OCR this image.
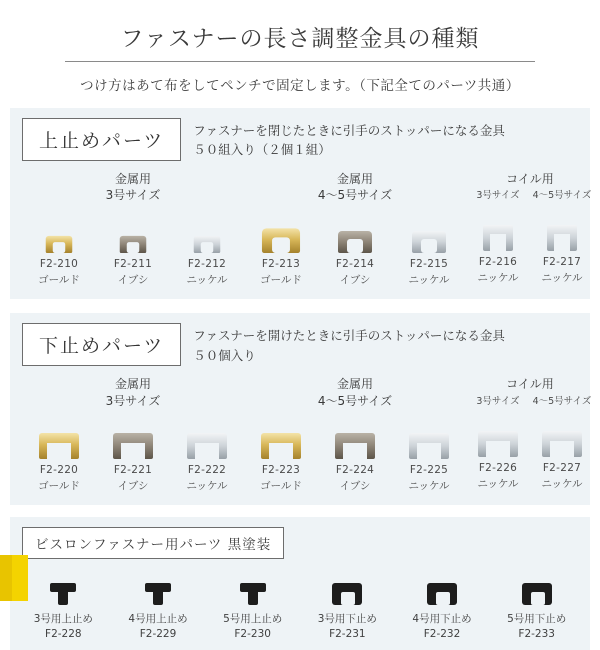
ファスナーの長さ調整金具の種類
つけ方はあて布をしてペンチで固定します。（下記全てのパーツ共通）
上止めパーツ	ファスナーを閉じたときに引手のストッパーになる金具
５０組入り（２個１組）
金属用
3号サイズ
F2-210
ゴールド
F2-211
イブシ
F2-212
ニッケル
金属用
4～5号サイズ
F2-213
ゴールド
F2-214
イブシ
F2-215
ニッケル
コイル用
3号サイズ	4～5号サイズ
F2-216
ニッケル
F2-217
ニッケル
下止めパーツ	ファスナーを開けたときに引手のストッパーになる金具
５０個入り
金属用
3号サイズ
F2-220
ゴールド
F2-221
イブシ
F2-222
ニッケル
金属用
4～5号サイズ
F2-223
ゴールド
F2-224
イブシ
F2-225
ニッケル
コイル用
3号サイズ	4～5号サイズ
F2-226
ニッケル
F2-227
ニッケル
ビスロンファスナー用パーツ 黒塗装
3号用上止め
F2-228
4号用上止め
F2-229
5号用上止め
F2-230
3号用下止め
F2-231
4号用下止め
F2-232
5号用下止め
F2-233
